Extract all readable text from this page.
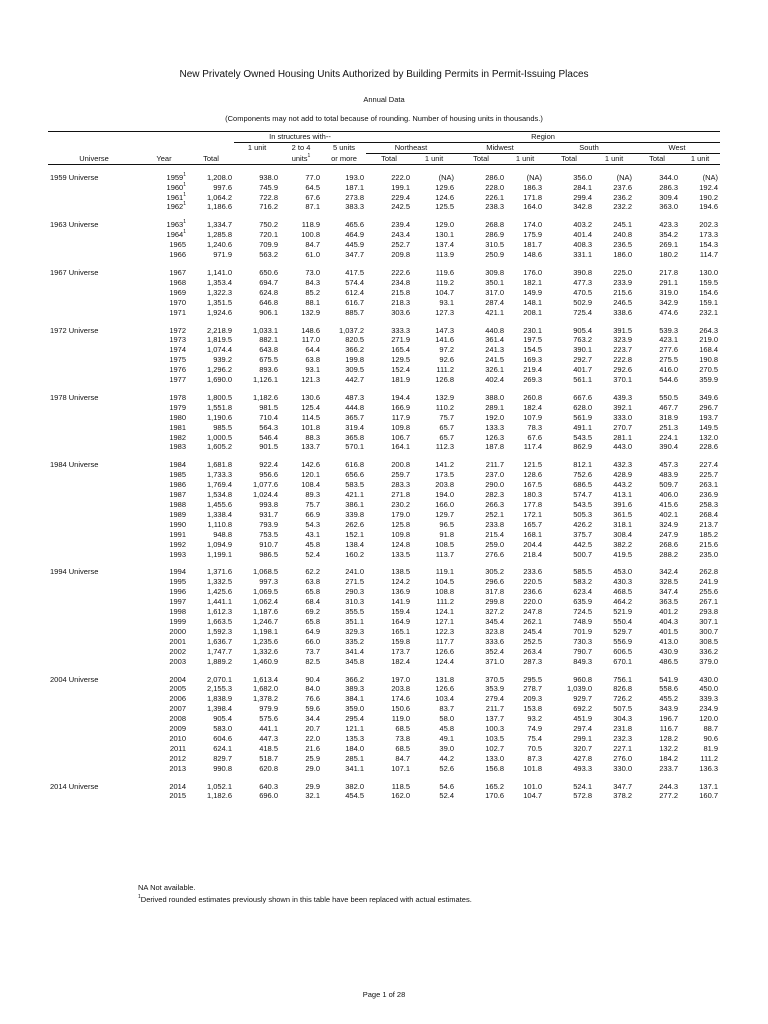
New Privately Owned Housing Units Authorized by Building Permits in Permit-Issuing Places
Annual Data
(Components may not add to total because of rounding. Number of housing units in thousands.)
Universe	Year	Total	In structures with--			Region							
			1 unit	2 to 4	5 units	Northeast		Midwest		South		West	
				units$^1$	or more	Total	1 unit	Total	1 unit	Total	1 unit	Total	1 unit

1959 Universe	1959$^1$	1,208.0	938.0	77.0	193.0	222.0	(NA)	286.0	(NA)	356.0	(NA)	344.0	(NA)
	1960$^1$	997.6	745.9	64.5	187.1	199.1	129.6	228.0	186.3	284.1	237.6	286.3	192.4
	1961$^1$	1,064.2	722.8	67.6	273.8	229.4	124.6	226.1	171.8	299.4	236.2	309.4	190.2
	1962$^1$	1,186.6	716.2	87.1	383.3	242.5	125.5	238.3	164.0	342.8	232.2	363.0	194.6

1963 Universe	1963$^1$	1,334.7	750.2	118.9	465.6	239.4	129.0	268.8	174.0	403.2	245.1	423.3	202.3
	1964$^1$	1,285.8	720.1	100.8	464.9	243.4	130.1	286.9	175.9	401.4	240.8	354.2	173.3
	1965	1,240.6	709.9	84.7	445.9	252.7	137.4	310.5	181.7	408.3	236.5	269.1	154.3
	1966	971.9	563.2	61.0	347.7	209.8	113.9	250.9	148.6	331.1	186.0	180.2	114.7

1967 Universe	1967	1,141.0	650.6	73.0	417.5	222.6	119.6	309.8	176.0	390.8	225.0	217.8	130.0
	1968	1,353.4	694.7	84.3	574.4	234.8	119.2	350.1	182.1	477.3	233.9	291.1	159.5
	1969	1,322.3	624.8	85.2	612.4	215.8	104.7	317.0	149.9	470.5	215.6	319.0	154.6
	1970	1,351.5	646.8	88.1	616.7	218.3	93.1	287.4	148.1	502.9	246.5	342.9	159.1
	1971	1,924.6	906.1	132.9	885.7	303.6	127.3	421.1	208.1	725.4	338.6	474.6	232.1

1972 Universe	1972	2,218.9	1,033.1	148.6	1,037.2	333.3	147.3	440.8	230.1	905.4	391.5	539.3	264.3
	1973	1,819.5	882.1	117.0	820.5	271.9	141.6	361.4	197.5	763.2	323.9	423.1	219.0
	1974	1,074.4	643.8	64.4	366.2	165.4	97.2	241.3	154.5	390.1	223.7	277.6	168.4
	1975	939.2	675.5	63.8	199.8	129.5	92.6	241.5	169.3	292.7	222.8	275.5	190.8
	1976	1,296.2	893.6	93.1	309.5	152.4	111.2	326.1	219.4	401.7	292.6	416.0	270.5
	1977	1,690.0	1,126.1	121.3	442.7	181.9	126.8	402.4	269.3	561.1	370.1	544.6	359.9

1978 Universe	1978	1,800.5	1,182.6	130.6	487.3	194.4	132.9	388.0	260.8	667.6	439.3	550.5	349.6
	1979	1,551.8	981.5	125.4	444.8	166.9	110.2	289.1	182.4	628.0	392.1	467.7	296.7
	1980	1,190.6	710.4	114.5	365.7	117.9	75.7	192.0	107.9	561.9	333.0	318.9	193.7
	1981	985.5	564.3	101.8	319.4	109.8	65.7	133.3	78.3	491.1	270.7	251.3	149.5
	1982	1,000.5	546.4	88.3	365.8	106.7	65.7	126.3	67.6	543.5	281.1	224.1	132.0
	1983	1,605.2	901.5	133.7	570.1	164.1	112.3	187.8	117.4	862.9	443.0	390.4	228.6

1984 Universe	1984	1,681.8	922.4	142.6	616.8	200.8	141.2	211.7	121.5	812.1	432.3	457.3	227.4
	1985	1,733.3	956.6	120.1	656.6	259.7	173.5	237.0	128.6	752.6	428.9	483.9	225.7
	1986	1,769.4	1,077.6	108.4	583.5	283.3	203.8	290.0	167.5	686.5	443.2	509.7	263.1
	1987	1,534.8	1,024.4	89.3	421.1	271.8	194.0	282.3	180.3	574.7	413.1	406.0	236.9
	1988	1,455.6	993.8	75.7	386.1	230.2	166.0	266.3	177.8	543.5	391.6	415.6	258.3
	1989	1,338.4	931.7	66.9	339.8	179.0	129.7	252.1	172.1	505.3	361.5	402.1	268.4
	1990	1,110.8	793.9	54.3	262.6	125.8	96.5	233.8	165.7	426.2	318.1	324.9	213.7
	1991	948.8	753.5	43.1	152.1	109.8	91.8	215.4	168.1	375.7	308.4	247.9	185.2
	1992	1,094.9	910.7	45.8	138.4	124.8	108.5	259.0	204.4	442.5	382.2	268.6	215.6
	1993	1,199.1	986.5	52.4	160.2	133.5	113.7	276.6	218.4	500.7	419.5	288.2	235.0

1994 Universe	1994	1,371.6	1,068.5	62.2	241.0	138.5	119.1	305.2	233.6	585.5	453.0	342.4	262.8
	1995	1,332.5	997.3	63.8	271.5	124.2	104.5	296.6	220.5	583.2	430.3	328.5	241.9
	1996	1,425.6	1,069.5	65.8	290.3	136.9	108.8	317.8	236.6	623.4	468.5	347.4	255.6
	1997	1,441.1	1,062.4	68.4	310.3	141.9	111.2	299.8	220.0	635.9	464.2	363.5	267.1
	1998	1,612.3	1,187.6	69.2	355.5	159.4	124.1	327.2	247.8	724.5	521.9	401.2	293.8
	1999	1,663.5	1,246.7	65.8	351.1	164.9	127.1	345.4	262.1	748.9	550.4	404.3	307.1
	2000	1,592.3	1,198.1	64.9	329.3	165.1	122.3	323.8	245.4	701.9	529.7	401.5	300.7
	2001	1,636.7	1,235.6	66.0	335.2	159.8	117.7	333.6	252.5	730.3	556.9	413.0	308.5
	2002	1,747.7	1,332.6	73.7	341.4	173.7	126.6	352.4	263.4	790.7	606.5	430.9	336.2
	2003	1,889.2	1,460.9	82.5	345.8	182.4	124.4	371.0	287.3	849.3	670.1	486.5	379.0

2004 Universe	2004	2,070.1	1,613.4	90.4	366.2	197.0	131.8	370.5	295.5	960.8	756.1	541.9	430.0
	2005	2,155.3	1,682.0	84.0	389.3	203.8	126.6	353.9	278.7	1,039.0	826.8	558.6	450.0
	2006	1,838.9	1,378.2	76.6	384.1	174.6	103.4	279.4	209.3	929.7	726.2	455.2	339.3
	2007	1,398.4	979.9	59.6	359.0	150.6	83.7	211.7	153.8	692.2	507.5	343.9	234.9
	2008	905.4	575.6	34.4	295.4	119.0	58.0	137.7	93.2	451.9	304.3	196.7	120.0
	2009	583.0	441.1	20.7	121.1	68.5	45.8	100.3	74.9	297.4	231.8	116.7	88.7
	2010	604.6	447.3	22.0	135.3	73.8	49.1	103.5	75.4	299.1	232.3	128.2	90.6
	2011	624.1	418.5	21.6	184.0	68.5	39.0	102.7	70.5	320.7	227.1	132.2	81.9
	2012	829.7	518.7	25.9	285.1	84.7	44.2	133.0	87.3	427.8	276.0	184.2	111.2
	2013	990.8	620.8	29.0	341.1	107.1	52.6	156.8	101.8	493.3	330.0	233.7	136.3

2014 Universe	2014	1,052.1	640.3	29.9	382.0	118.5	54.6	165.2	101.0	524.1	347.7	244.3	137.1
	2015	1,182.6	696.0	32.1	454.5	162.0	52.4	170.6	104.7	572.8	378.2	277.2	160.7
NA Not available.
$^1$Derived rounded estimates previously shown in this table have been replaced with actual estimates.
Page 1 of 28
